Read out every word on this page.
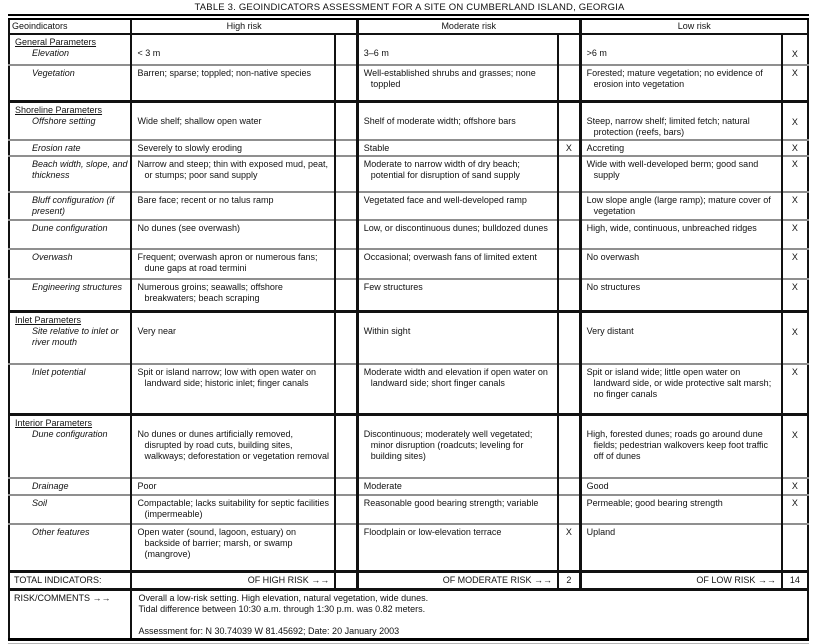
TABLE 3. GEOINDICATORS ASSESSMENT FOR A SITE ON CUMBERLAND ISLAND, GEORGIA
Geoindicators	High risk		Moderate risk		Low risk	

General Parameters
Elevation	< 3 m		3–6 m		>6 m	X

Vegetation	Barren; sparse; toppled; non-native species		Well-established shrubs and grasses; none toppled		Forested; mature vegetation; no evidence of erosion into vegetation	X

Shoreline Parameters
Offshore setting	Wide shelf; shallow open water		Shelf of moderate width; offshore bars		Steep, narrow shelf; limited fetch; natural protection (reefs, bars)	X

Erosion rate	Severely to slowly eroding		Stable	X	Accreting	X

Beach width, slope, and thickness	Narrow and steep; thin with exposed mud, peat, or stumps; poor sand supply		Moderate to narrow width of dry beach; potential for disruption of sand supply		Wide with well-developed berm; good sand supply	X

Bluff configuration (if present)	Bare face; recent or no talus ramp		Vegetated face and well-developed ramp		Low slope angle (large ramp); mature cover of vegetation	X

Dune configuration	No dunes (see overwash)		Low, or discontinuous dunes; bulldozed dunes		High, wide, continuous, unbreached ridges	X

Overwash	Frequent; overwash apron or numerous fans; dune gaps at road termini		Occasional; overwash fans of limited extent		No overwash	X

Engineering structures	Numerous groins; seawalls; offshore breakwaters; beach scraping		Few structures		No structures	X

Inlet Parameters
Site relative to inlet or river mouth	Very near		Within sight		Very distant	X

Inlet potential	Spit or island narrow; low with open water on landward side; historic inlet; finger canals		Moderate width and elevation if open water on landward side; short finger canals		Spit or island wide; little open water on landward side, or wide protective salt marsh; no finger canals	X

Interior Parameters
Dune configuration	No dunes or dunes artificially removed, disrupted by road cuts, building sites, walkways; deforestation or vegetation removal		Discontinuous; moderately well vegetated; minor disruption (roadcuts; leveling for building sites)		High, forested dunes; roads go around dune fields; pedestrian walkovers keep foot traffic off of dunes	X

Drainage	Poor		Moderate		Good	X

Soil	Compactable; lacks suitability for septic facilities (impermeable)		Reasonable good bearing strength; variable		Permeable; good bearing strength	X

Other features	Open water (sound, lagoon, estuary) on backside of barrier; marsh, or swamp (mangrove)		Floodplain or low-elevation terrace	X	Upland	

TOTAL INDICATORS:	OF HIGH RISK →→		OF MODERATE RISK →→	2	OF LOW RISK →→	14
RISK/COMMENTS →→	Overall a low-risk setting. High elevation, natural vegetation, wide dunes.
Tidal difference between 10:30 a.m. through 1:30 p.m. was 0.82 meters.
Assessment for: N 30.74039 W 81.45692; Date: 20 January 2003					
